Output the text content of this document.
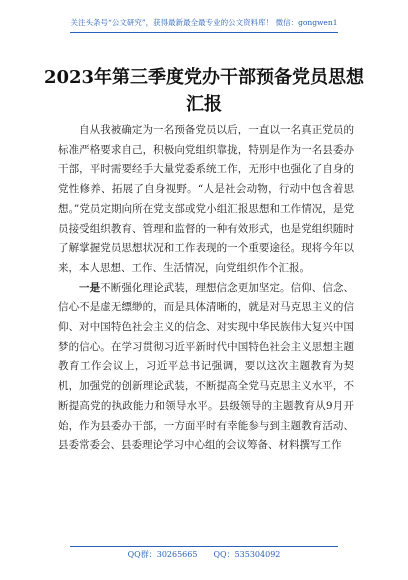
关注头条号“公文研究”，获得最新最全最专业的公文资料库！ 微信：gongwen1
2023年第三季度党办干部预备党员思想汇报

自从我被确定为一名预备党员以后，一直以一名真正党员的标准严格要求自己，积极向党组织靠拢，特别是作为一名县委办干部，平时需要经手大量党委系统工作，无形中也强化了自身的党性修养、拓展了自身视野。“人是社会动物，行动中包含着思想。”党员定期向所在党支部或党小组汇报思想和工作情况，是党员接受组织教育、管理和监督的一种有效形式，也是党组织随时了解掌握党员思想状况和工作表现的一个重要途径。现将今年以来，本人思想、工作、生活情况，向党组织作个汇报。

一是不断强化理论武装，理想信念更加坚定。信仰、信念、信心不是虚无缥缈的，而是具体清晰的，就是对马克思主义的信仰、对中国特色社会主义的信念、对实现中华民族伟大复兴中国梦的信心。在学习贯彻习近平新时代中国特色社会主义思想主题教育工作会议上，习近平总书记强调，要以这次主题教育为契机，加强党的创新理论武装，不断提高全党马克思主义水平，不断提高党的执政能力和领导水平。县级领导的主题教育从9月开始，作为县委办干部，一方面平时有幸能参与到主题教育活动、县委常委会、县委理论学习中心组的会议筹备、材料撰写工作

QQ群：30265665 QQ：535304092
